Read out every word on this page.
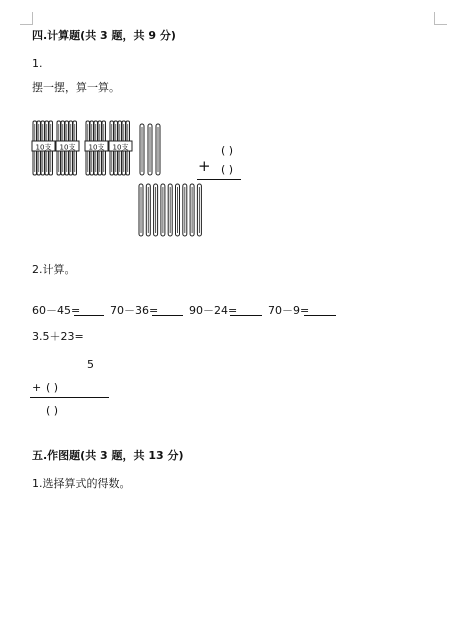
四.计算题(共 3 题，共 9 分)
1.
摆一摆，算一算。
10支 10支 10支 10支	( )
+ ( )
2.计算。
60－45=	70－36=	90－24=	70－9=
3.5＋23=
5
+ ( )
( )
五.作图题(共 3 题，共 13 分)
1.选择算式的得数。
